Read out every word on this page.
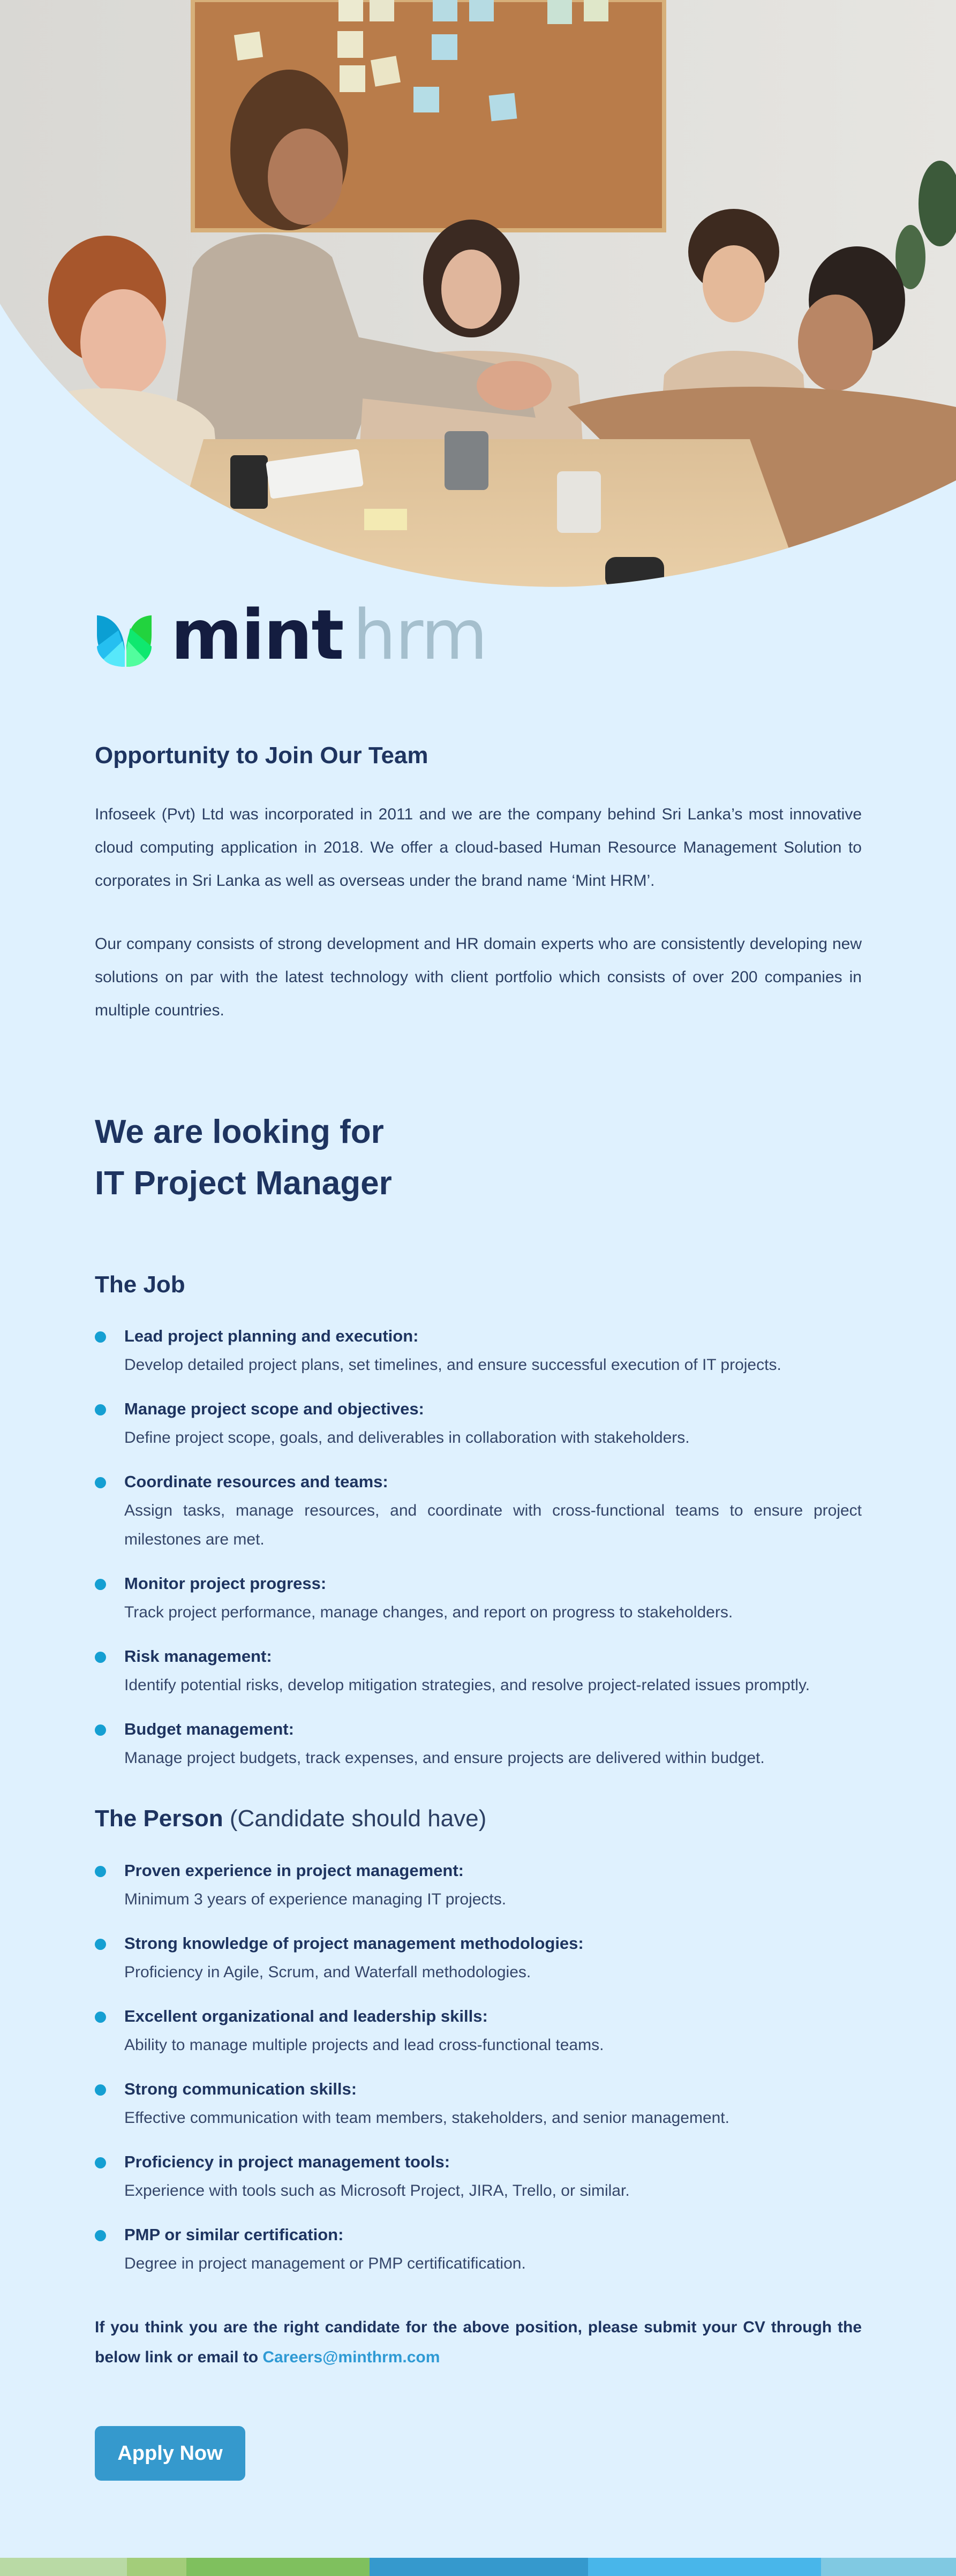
mint hrm
Opportunity to Join Our Team

Infoseek (Pvt) Ltd was incorporated in 2011 and we are the company behind Sri Lanka’s most innovative cloud computing application in 2018. We offer a cloud-based Human Resource Management Solution to corporates in Sri Lanka as well as overseas under the brand name ‘Mint HRM’.

Our company consists of strong development and HR domain experts who are consistently developing new solutions on par with the latest technology with client portfolio which consists of over 200 companies in multiple countries.

We are looking for
IT Project Manager
The Job
Lead project planning and execution:
Develop detailed project plans, set timelines, and ensure successful execution of IT projects.
Manage project scope and objectives:
Define project scope, goals, and deliverables in collaboration with stakeholders.
Coordinate resources and teams:
Assign tasks, manage resources, and coordinate with cross-functional teams to ensure project milestones are met.
Monitor project progress:
Track project performance, manage changes, and report on progress to stakeholders.
Risk management:
Identify potential risks, develop mitigation strategies, and resolve project-related issues promptly.
Budget management:
Manage project budgets, track expenses, and ensure projects are delivered within budget.
The Person (Candidate should have)
Proven experience in project management:
Minimum 3 years of experience managing IT projects.
Strong knowledge of project management methodologies:
Proficiency in Agile, Scrum, and Waterfall methodologies.
Excellent organizational and leadership skills:
Ability to manage multiple projects and lead cross-functional teams.
Strong communication skills:
Effective communication with team members, stakeholders, and senior management.
Proficiency in project management tools:
Experience with tools such as Microsoft Project, JIRA, Trello, or similar.
PMP or similar certification:
Degree in project management or PMP certificatification.

If you think you are the right candidate for the above position, please submit your CV through the below link or email to Careers@minthrm.com

Apply Now
